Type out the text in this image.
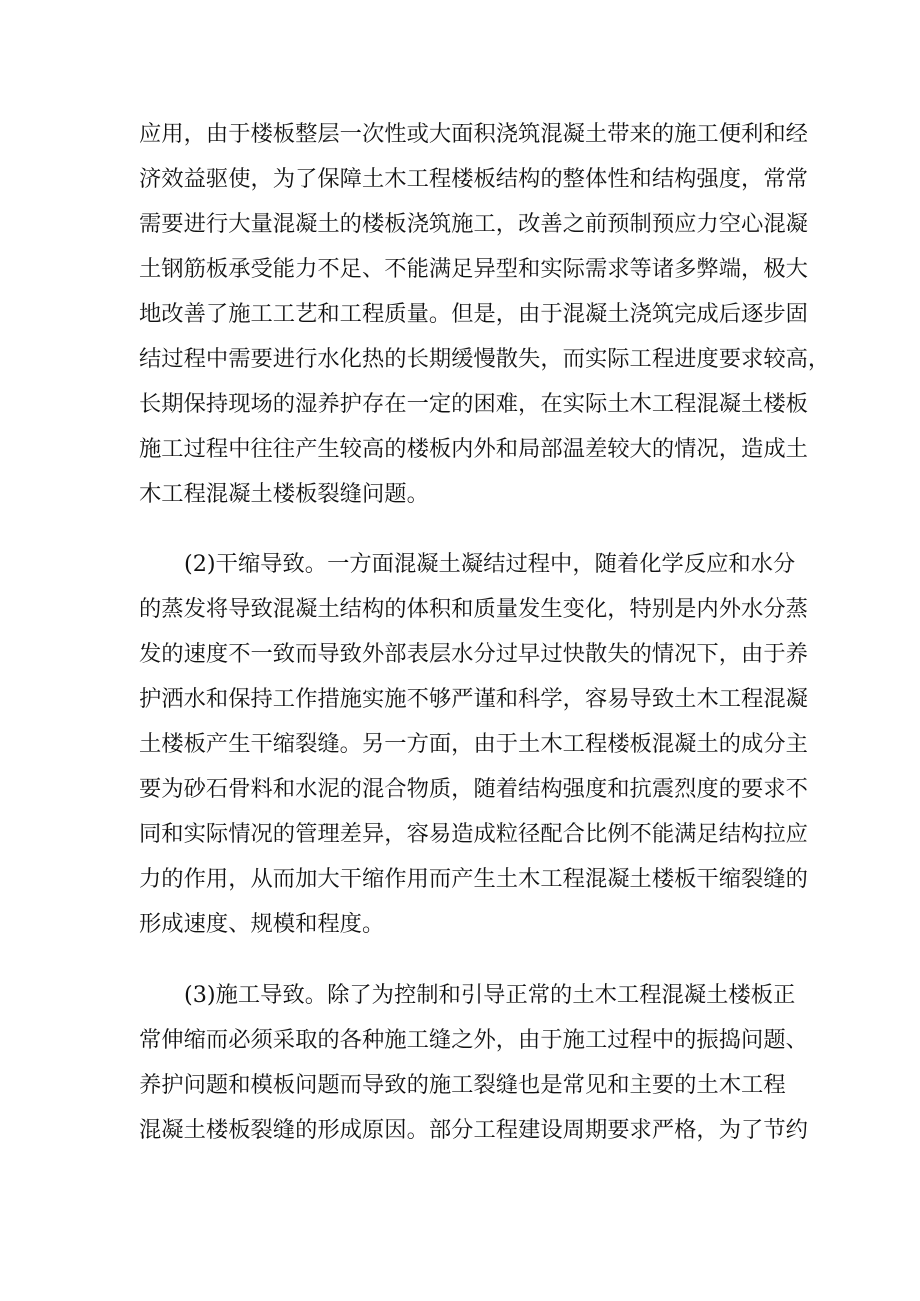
应用，由于楼板整层一次性或大面积浇筑混凝土带来的施工便利和经
济效益驱使，为了保障土木工程楼板结构的整体性和结构强度，常常
需要进行大量混凝土的楼板浇筑施工，改善之前预制预应力空心混凝
土钢筋板承受能力不足、不能满足异型和实际需求等诸多弊端，极大
地改善了施工工艺和工程质量。但是，由于混凝土浇筑完成后逐步固
结过程中需要进行水化热的长期缓慢散失，而实际工程进度要求较高，
长期保持现场的湿养护存在一定的困难，在实际土木工程混凝土楼板
施工过程中往往产生较高的楼板内外和局部温差较大的情况，造成土
木工程混凝土楼板裂缝问题。
(2)干缩导致。一方面混凝土凝结过程中，随着化学反应和水分
的蒸发将导致混凝土结构的体积和质量发生变化，特别是内外水分蒸
发的速度不一致而导致外部表层水分过早过快散失的情况下，由于养
护洒水和保持工作措施实施不够严谨和科学，容易导致土木工程混凝
土楼板产生干缩裂缝。另一方面，由于土木工程楼板混凝土的成分主
要为砂石骨料和水泥的混合物质，随着结构强度和抗震烈度的要求不
同和实际情况的管理差异，容易造成粒径配合比例不能满足结构拉应
力的作用，从而加大干缩作用而产生土木工程混凝土楼板干缩裂缝的
形成速度、规模和程度。
(3)施工导致。除了为控制和引导正常的土木工程混凝土楼板正
常伸缩而必须采取的各种施工缝之外，由于施工过程中的振捣问题、
养护问题和模板问题而导致的施工裂缝也是常见和主要的土木工程
混凝土楼板裂缝的形成原因。部分工程建设周期要求严格，为了节约
